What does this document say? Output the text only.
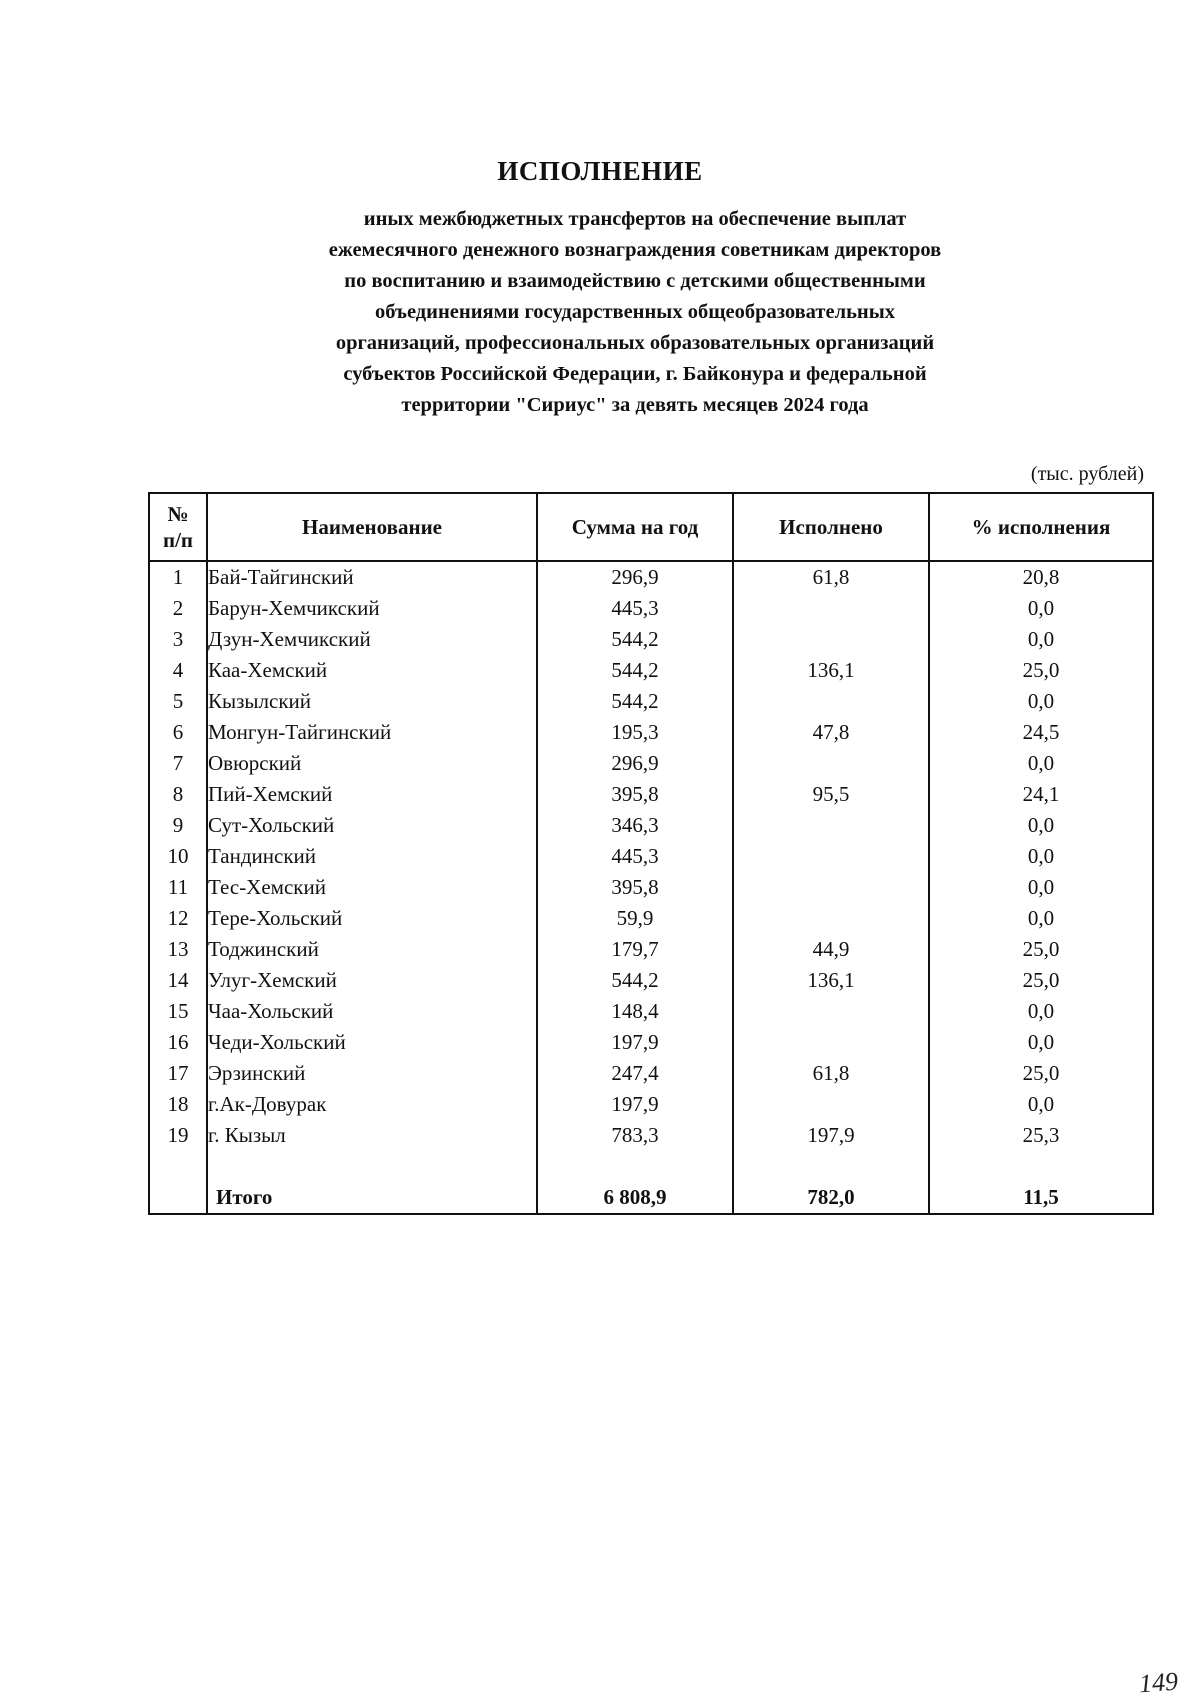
ИСПОЛНЕНИЕ
иных межбюджетных трансфертов на обеспечение выплат
ежемесячного денежного вознаграждения советникам директоров
по воспитанию и взаимодействию с детскими общественными
объединениями государственных общеобразовательных
организаций, профессиональных образовательных организаций
субъектов Российской Федерации, г. Байконура и федеральной
территории "Сириус" за девять месяцев 2024 года
(тыс. рублей)
№
п/п	Наименование	Сумма на год	Исполнено	% исполнения
1	Бай-Тайгинский	296,9	61,8	20,8
2	Барун-Хемчикский	445,3		0,0
3	Дзун-Хемчикский	544,2		0,0
4	Каа-Хемский	544,2	136,1	25,0
5	Кызылский	544,2		0,0
6	Монгун-Тайгинский	195,3	47,8	24,5
7	Овюрский	296,9		0,0
8	Пий-Хемский	395,8	95,5	24,1
9	Сут-Хольский	346,3		0,0
10	Тандинский	445,3		0,0
11	Тес-Хемский	395,8		0,0
12	Тере-Хольский	59,9		0,0
13	Тоджинский	179,7	44,9	25,0
14	Улуг-Хемский	544,2	136,1	25,0
15	Чаа-Хольский	148,4		0,0
16	Чеди-Хольский	197,9		0,0
17	Эрзинский	247,4	61,8	25,0
18	г.Ак-Довурак	197,9		0,0
19	г. Кызыл	783,3	197,9	25,3

	Итого	6 808,9	782,0	11,5
149
